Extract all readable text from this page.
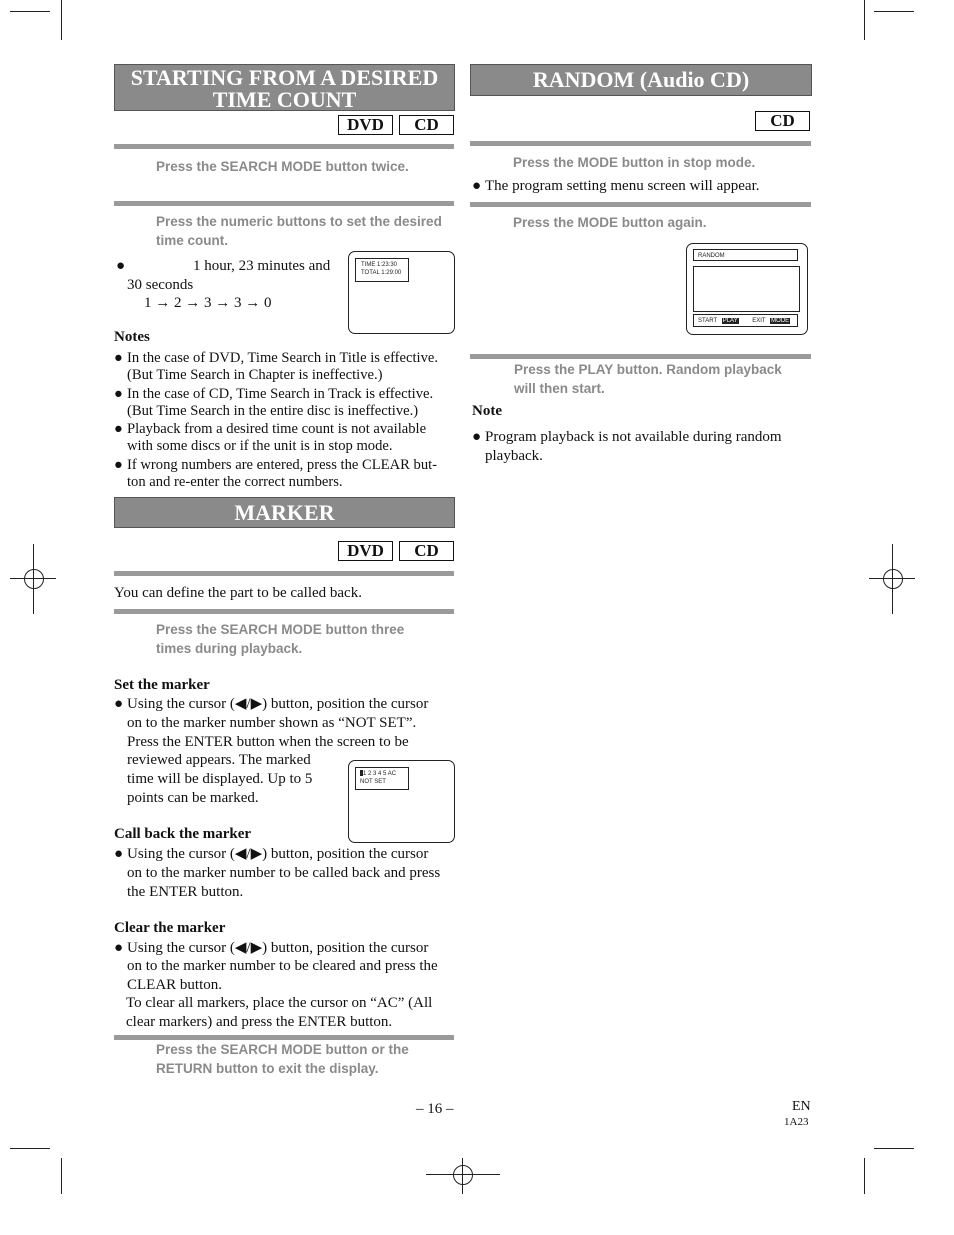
STARTING FROM A DESIRED
TIME COUNT
DVD	CD
Press the SEARCH MODE button twice.
Press the numeric buttons to set the desired
time count.
●	1 hour, 23 minutes and
30 seconds
1 → 2 → 3 → 3 → 0
TIME 1:23:30
TOTAL 1:29:00
Notes
● In the case of DVD, Time Search in Title is effective.
(But Time Search in Chapter is ineffective.)
● In the case of CD, Time Search in Track is effective.
(But Time Search in the entire disc is ineffective.)
● Playback from a desired time count is not available
with some discs or if the unit is in stop mode.
● If wrong numbers are entered, press the CLEAR but-
ton and re-enter the correct numbers.
MARKER
DVD	CD
You can define the part to be called back.
Press the SEARCH MODE button three
times during playback.
Set the marker
● Using the cursor (◀/▶) button, position the cursor
on to the marker number shown as “NOT SET”.
Press the ENTER button when the screen to be
reviewed appears. The marked
time will be displayed. Up to 5
points can be marked.
1 2 3 4 5 AC
NOT SET
Call back the marker
● Using the cursor (◀/▶) button, position the cursor
on to the marker number to be called back and press
the ENTER button.
Clear the marker
● Using the cursor (◀/▶) button, position the cursor
on to the marker number to be cleared and press the
CLEAR button.
To clear all markers, place the cursor on “AC” (All
clear markers) and press the ENTER button.
Press the SEARCH MODE button or the
RETURN button to exit the display.
RANDOM (Audio CD)
CD
Press the MODE button in stop mode.
● The program setting menu screen will appear.
Press the MODE button again.
RANDOM
START PLAY EXIT MODE
Press the PLAY button. Random playback
will then start.
Note
● Program playback is not available during random
playback.
– 16 –	EN
1A23
